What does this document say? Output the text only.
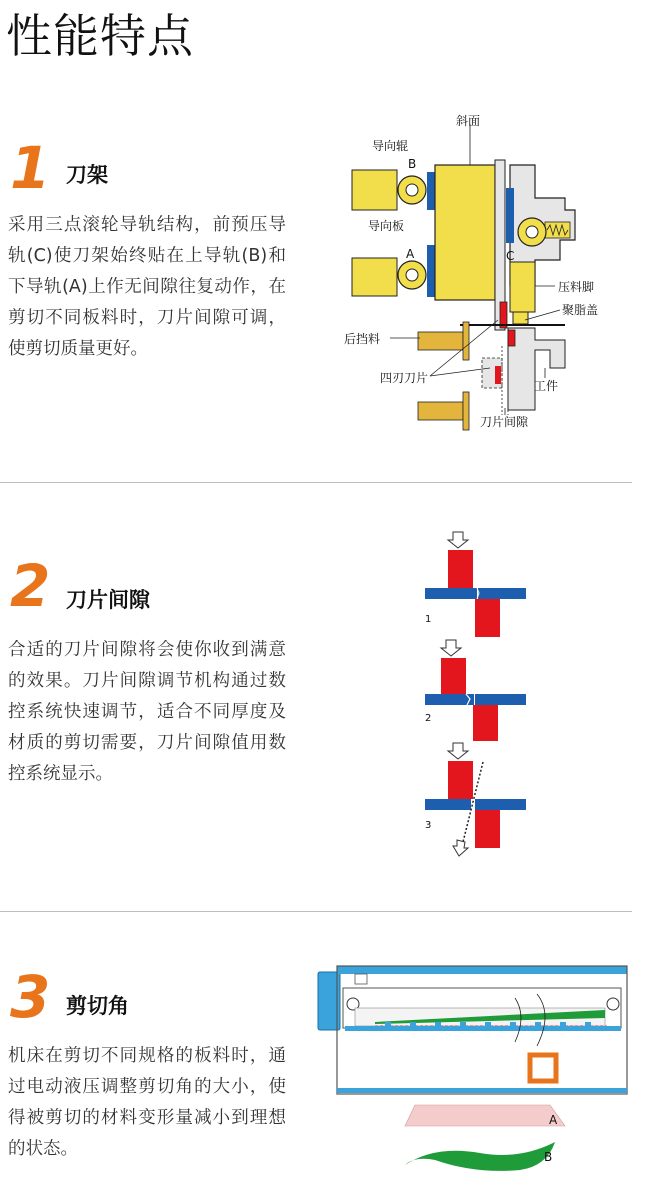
性能特点
1 刀架
采用三点滚轮导轨结构，前预压导轨(C)使刀架始终贴在上导轨(B)和下导轨(A)上作无间隙往复动作，在剪切不同板料时，刀片间隙可调，使剪切质量更好。
斜面
导向辊
B
导向板
A	C
压料脚
聚脂盖
后挡料
四刃刀片
工件
刀片间隙
2 刀片间隙
合适的刀片间隙将会使你收到满意的效果。刀片间隙调节机构通过数控系统快速调节，适合不同厚度及材质的剪切需要，刀片间隙值用数控系统显示。
1
2
3
3 剪切角
机床在剪切不同规格的板料时，通过电动液压调整剪切角的大小，使得被剪切的材料变形量减小到理想的状态。
A
B
